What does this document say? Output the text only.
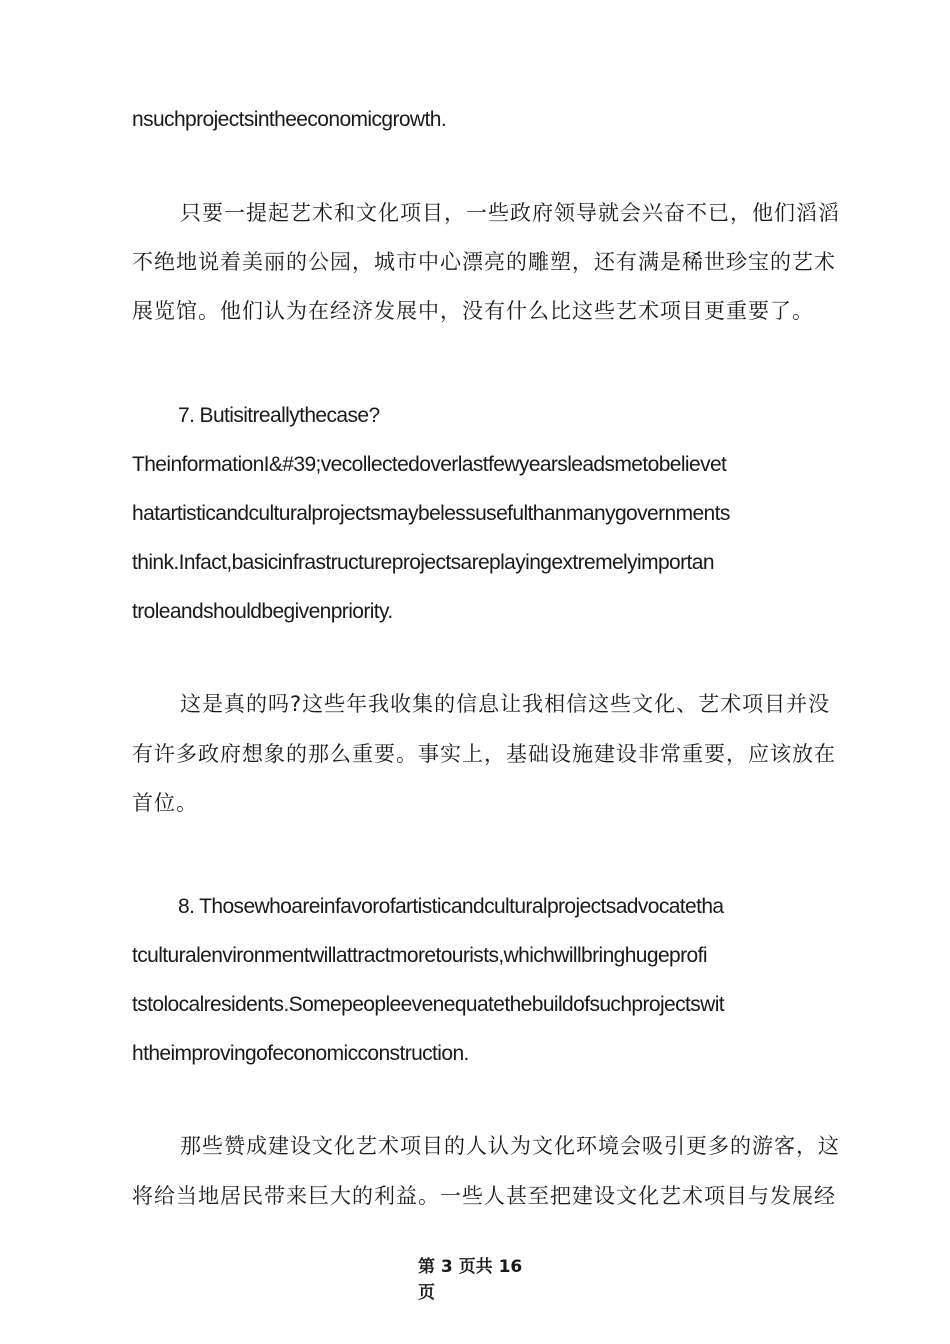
nsuchprojectsintheeconomicgrowth.
只要一提起艺术和文化项目，一些政府领导就会兴奋不已，他们滔滔
不绝地说着美丽的公园，城市中心漂亮的雕塑，还有满是稀世珍宝的艺术
展览馆。他们认为在经济发展中，没有什么比这些艺术项目更重要了。
7. Butisitreallythecase?
TheinformationI&#39;vecollectedoverlastfewyearsleadsmetobelievet
hatartisticandculturalprojectsmaybelessusefulthanmanygovernments
think.Infact,basicinfrastructureprojectsareplayingextremelyimportan
troleandshouldbegivenpriority.
这是真的吗?这些年我收集的信息让我相信这些文化、艺术项目并没
有许多政府想象的那么重要。事实上，基础设施建设非常重要，应该放在
首位。
8. Thosewhoareinfavorofartisticandculturalprojectsadvocatetha
tculturalenvironmentwillattractmoretourists,whichwillbringhugeprofi
tstolocalresidents.Somepeopleevenequatethebuildofsuchprojectswit
htheimprovingofeconomicconstruction.
那些赞成建设文化艺术项目的人认为文化环境会吸引更多的游客，这
将给当地居民带来巨大的利益。一些人甚至把建设文化艺术项目与发展经
第 3 页共 16
页
